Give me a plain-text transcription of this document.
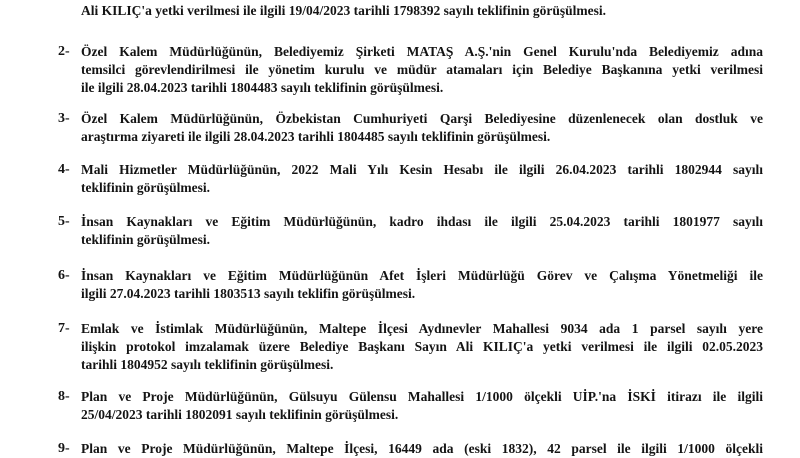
Ali KILIÇ'a yetki verilmesi ile ilgili 19/04/2023 tarihli 1798392 sayılı teklifinin görüşülmesi.
2- Özel Kalem Müdürlüğünün, Belediyemiz Şirketi MATAŞ A.Ş.'nin Genel Kurulu'nda Belediyemiz adına
temsilci görevlendirilmesi ile yönetim kurulu ve müdür atamaları için Belediye Başkanına yetki verilmesi
ile ilgili 28.04.2023 tarihli 1804483 sayılı teklifinin görüşülmesi.
3- Özel Kalem Müdürlüğünün, Özbekistan Cumhuriyeti Qarşi Belediyesine düzenlenecek olan dostluk ve
araştırma ziyareti ile ilgili 28.04.2023 tarihli 1804485 sayılı teklifinin görüşülmesi.
4- Mali Hizmetler Müdürlüğünün, 2022 Mali Yılı Kesin Hesabı ile ilgili 26.04.2023 tarihli 1802944 sayılı
teklifinin görüşülmesi.
5- İnsan Kaynakları ve Eğitim Müdürlüğünün, kadro ihdası ile ilgili 25.04.2023 tarihli 1801977 sayılı
teklifinin görüşülmesi.
6- İnsan Kaynakları ve Eğitim Müdürlüğünün Afet İşleri Müdürlüğü Görev ve Çalışma Yönetmeliği ile
ilgili 27.04.2023 tarihli 1803513 sayılı teklifin görüşülmesi.
7- Emlak ve İstimlak Müdürlüğünün, Maltepe İlçesi Aydınevler Mahallesi 9034 ada 1 parsel sayılı yere
ilişkin protokol imzalamak üzere Belediye Başkanı Sayın Ali KILIÇ'a yetki verilmesi ile ilgili 02.05.2023
tarihli 1804952 sayılı teklifinin görüşülmesi.
8- Plan ve Proje Müdürlüğünün, Gülsuyu Gülensu Mahallesi 1/1000 ölçekli UİP.'na İSKİ itirazı ile ilgili
25/04/2023 tarihli 1802091 sayılı teklifinin görüşülmesi.
9- Plan ve Proje Müdürlüğünün, Maltepe İlçesi, 16449 ada (eski 1832), 42 parsel ile ilgili 1/1000 ölçekli
